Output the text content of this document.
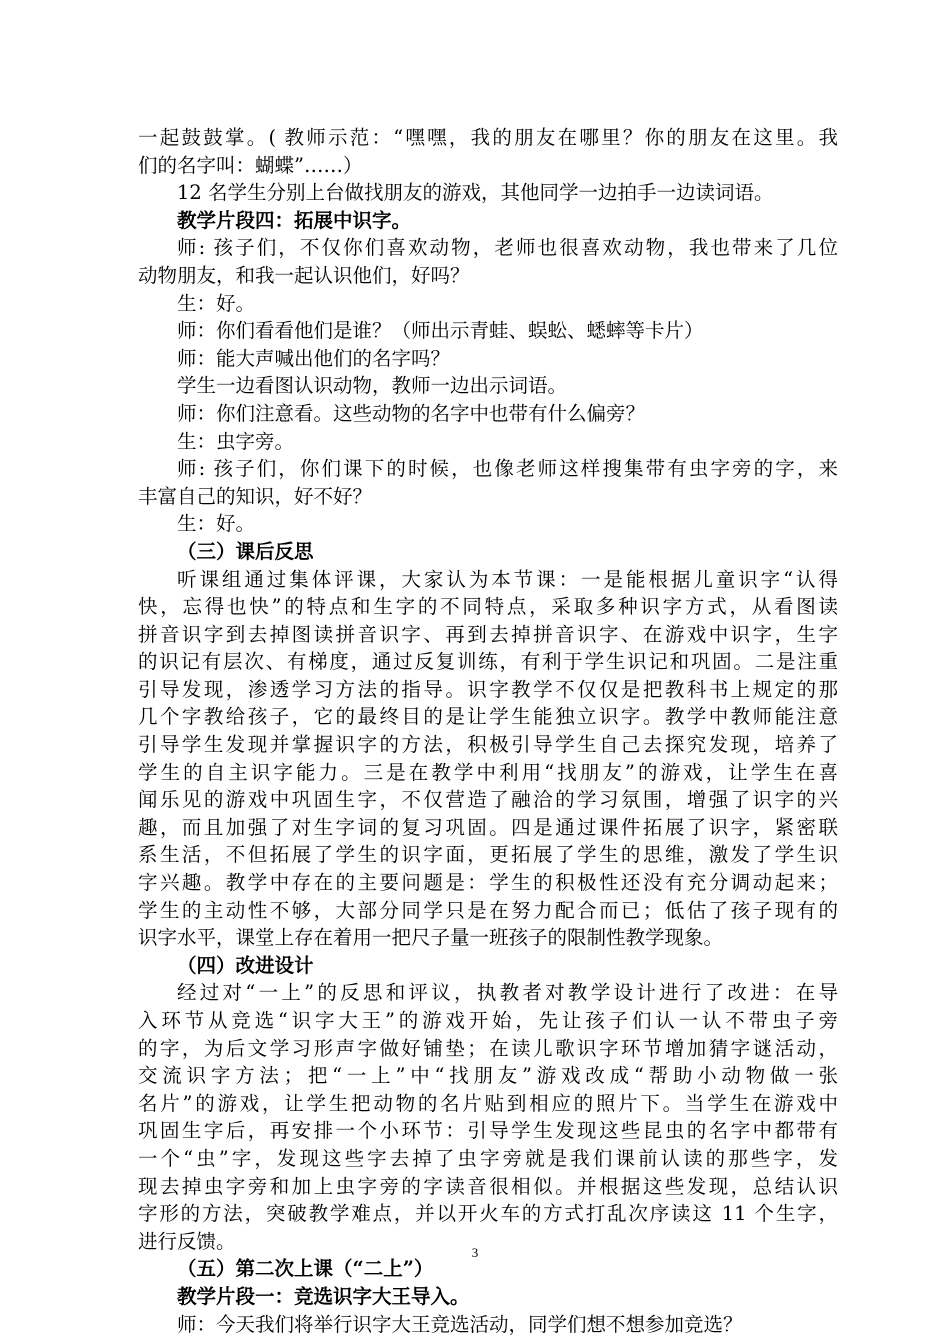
一起鼓鼓掌。( 教师示范：“嘿嘿，我的朋友在哪里？你的朋友在这里。我
们的名字叫：蝴蝶”……）
12 名学生分别上台做找朋友的游戏，其他同学一边拍手一边读词语。
教学片段四：拓展中识字。
师: 孩子们，不仅你们喜欢动物，老师也很喜欢动物，我也带来了几位
动物朋友，和我一起认识他们，好吗？
生：好。
师：你们看看他们是谁？（师出示青蛙、蜈蚣、蟋蟀等卡片）
师：能大声喊出他们的名字吗？
学生一边看图认识动物，教师一边出示词语。
师：你们注意看。这些动物的名字中也带有什么偏旁？
生：虫字旁。
师: 孩子们，你们课下的时候，也像老师这样搜集带有虫字旁的字，来
丰富自己的知识，好不好？
生：好。
（三）课后反思
听课组通过集体评课，大家认为本节课：一是能根据儿童识字“认得
快，忘得也快”的特点和生字的不同特点，采取多种识字方式，从看图读
拼音识字到去掉图读拼音识字、再到去掉拼音识字、在游戏中识字，生字
的识记有层次、有梯度，通过反复训练，有利于学生识记和巩固。二是注重
引导发现，渗透学习方法的指导。识字教学不仅仅是把教科书上规定的那
几个字教给孩子，它的最终目的是让学生能独立识字。教学中教师能注意
引导学生发现并掌握识字的方法，积极引导学生自己去探究发现，培养了
学生的自主识字能力。三是在教学中利用“找朋友”的游戏，让学生在喜
闻乐见的游戏中巩固生字，不仅营造了融洽的学习氛围，增强了识字的兴
趣，而且加强了对生字词的复习巩固。四是通过课件拓展了识字，紧密联
系生活，不但拓展了学生的识字面，更拓展了学生的思维，激发了学生识
字兴趣。教学中存在的主要问题是：学生的积极性还没有充分调动起来；
学生的主动性不够，大部分同学只是在努力配合而已；低估了孩子现有的
识字水平，课堂上存在着用一把尺子量一班孩子的限制性教学现象。
（四）改进设计
经过对“一上”的反思和评议，执教者对教学设计进行了改进：在导
入环节从竞选“识字大王”的游戏开始，先让孩子们认一认不带虫子旁
的字，为后文学习形声字做好铺垫；在读儿歌识字环节增加猜字谜活动，
交流识字方法；把“一上”中“找朋友”游戏改成“帮助小动物做一张
名片”的游戏，让学生把动物的名片贴到相应的照片下。当学生在游戏中
巩固生字后，再安排一个小环节：引导学生发现这些昆虫的名字中都带有
一个“虫”字，发现这些字去掉了虫字旁就是我们课前认读的那些字，发
现去掉虫字旁和加上虫字旁的字读音很相似。并根据这些发现，总结认识
字形的方法，突破教学难点，并以开火车的方式打乱次序读这 11 个生字，
进行反馈。
（五）第二次上课（“二上”）
教学片段一：竞选识字大王导入。
师：今天我们将举行识字大王竞选活动，同学们想不想参加竞选？
3
